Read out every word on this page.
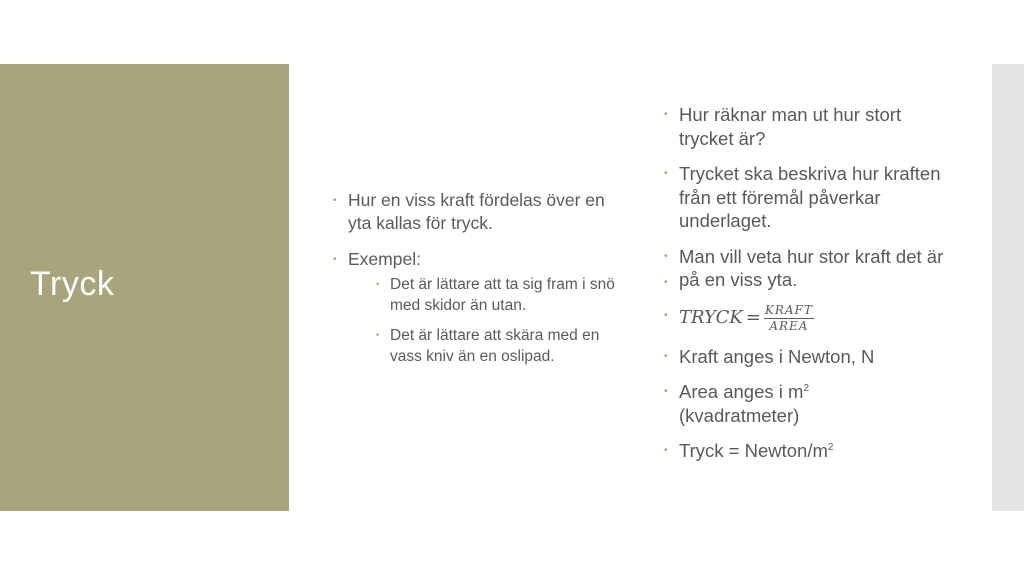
Tryck
• Hur en viss kraft fördelas över en yta kallas för tryck.
• Exempel:
• Det är lättare att ta sig fram i snö med skidor än utan.
• Det är lättare att skära med en vass kniv än en oslipad.
•
• Hur räknar man ut hur stort trycket är?
• Trycket ska beskriva hur kraften från ett föremål påverkar underlaget.
• Man vill veta hur stor kraft det är på en viss yta.
• TRYCK = $\frac{\text{KRAFT}}{\text{AREA}}$
• Kraft anges i Newton, N
• Area anges i $m^2$
(kvadratmeter)
• Tryck = Newton/$m^2$
